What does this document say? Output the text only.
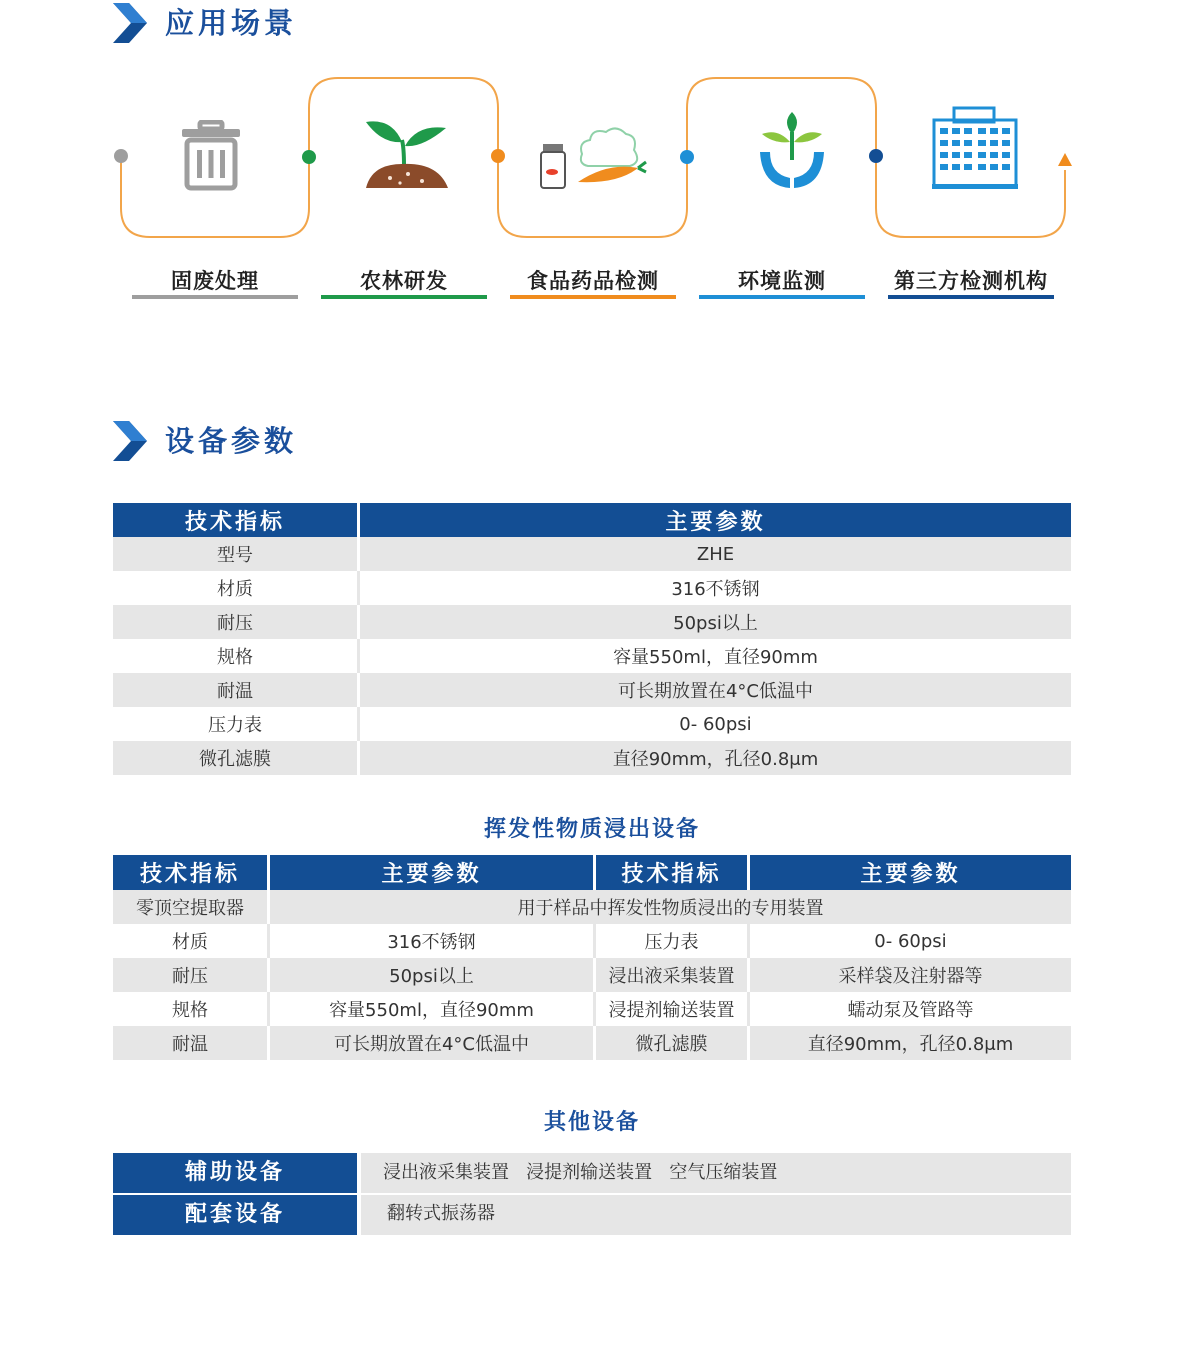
应用场景
固废处理	农林研发	食品药品检测	环境监测	第三方检测机构
设备参数
技术指标	主要参数
型号	ZHE
材质	316不锈钢
耐压	50psi以上
规格	容量550ml，直径90mm
耐温	可长期放置在4°C低温中
压力表	0- 60psi
微孔滤膜	直径90mm，孔径0.8μm
挥发性物质浸出设备
技术指标	主要参数	技术指标	主要参数
零顶空提取器	用于样品中挥发性物质浸出的专用装置		
材质	316不锈钢	压力表	0- 60psi
耐压	50psi以上	浸出液采集装置	采样袋及注射器等
规格	容量550ml，直径90mm	浸提剂输送装置	蠕动泵及管路等
耐温	可长期放置在4°C低温中	微孔滤膜	直径90mm，孔径0.8μm
其他设备
辅助设备	浸出液采集装置   浸提剂输送装置   空气压缩装置
配套设备	翻转式振荡器
